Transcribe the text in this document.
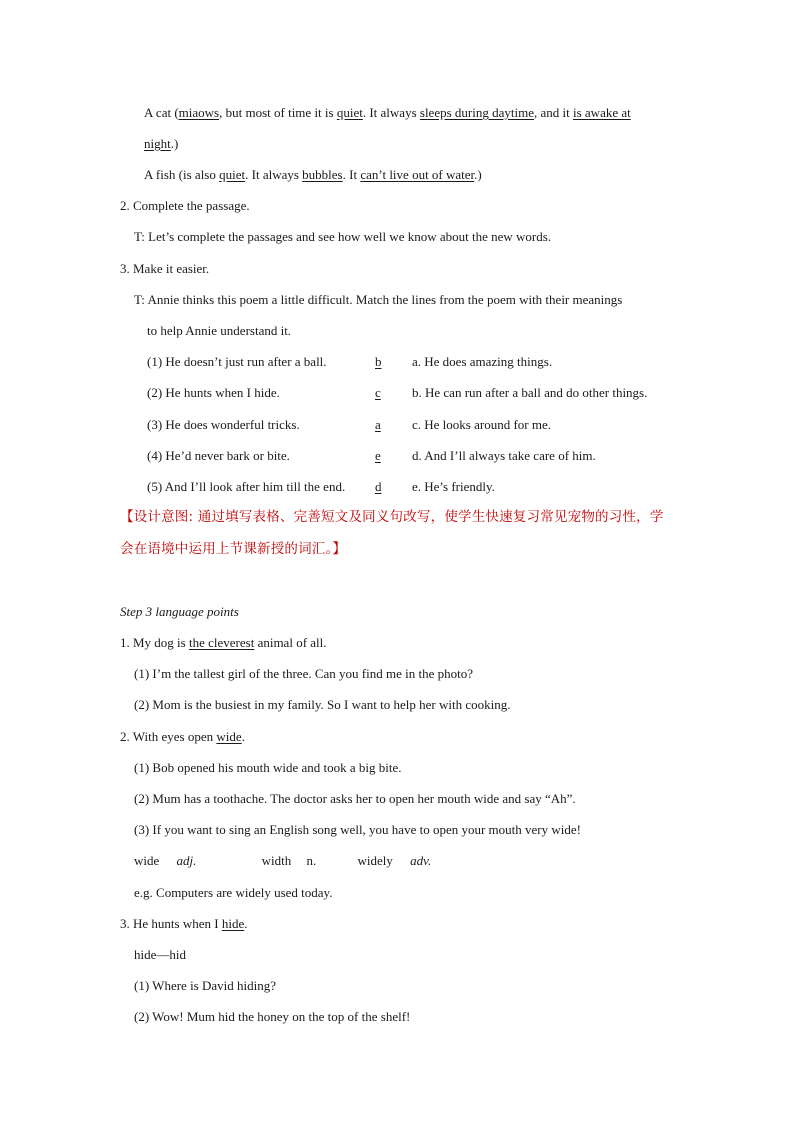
A cat (miaows, but most of time it is quiet. It always sleeps during daytime, and it is awake at
night.)
A fish (is also quiet. It always bubbles. It can’t live out of water.)
2. Complete the passage.
T: Let’s complete the passages and see how well we know about the new words.
3. Make it easier.
T: Annie thinks this poem a little difficult. Match the lines from the poem with their meanings
to help Annie understand it.
(1) He doesn’t just run after a ball.	b	a. He does amazing things.
(2) He hunts when I hide.	c	b. He can run after a ball and do other things.
(3) He does wonderful tricks.	a	c. He looks around for me.
(4) He’d never bark or bite.	e	d. And I’ll always take care of him.
(5) And I’ll look after him till the end. d	e. He’s friendly.
【设计意图: 通过填写表格、完善短文及同义句改写，使学生快速复习常见宠物的习性，学
会在语境中运用上节课新授的词汇。】
Step 3 language points
1. My dog is the cleverest animal of all.
(1) I’m the tallest girl of the three. Can you find me in the photo?
(2) Mom is the busiest in my family. So I want to help her with cooking.
2. With eyes open wide.
(1) Bob opened his mouth wide and took a big bite.
(2) Mum has a toothache. The doctor asks her to open her mouth wide and say “Ah”.
(3) If you want to sing an English song well, you have to open your mouth very wide!
wide adj.	width n.	widely adv.
e.g. Computers are widely used today.
3. He hunts when I hide.
hide—hid
(1) Where is David hiding?
(2) Wow! Mum hid the honey on the top of the shelf!
